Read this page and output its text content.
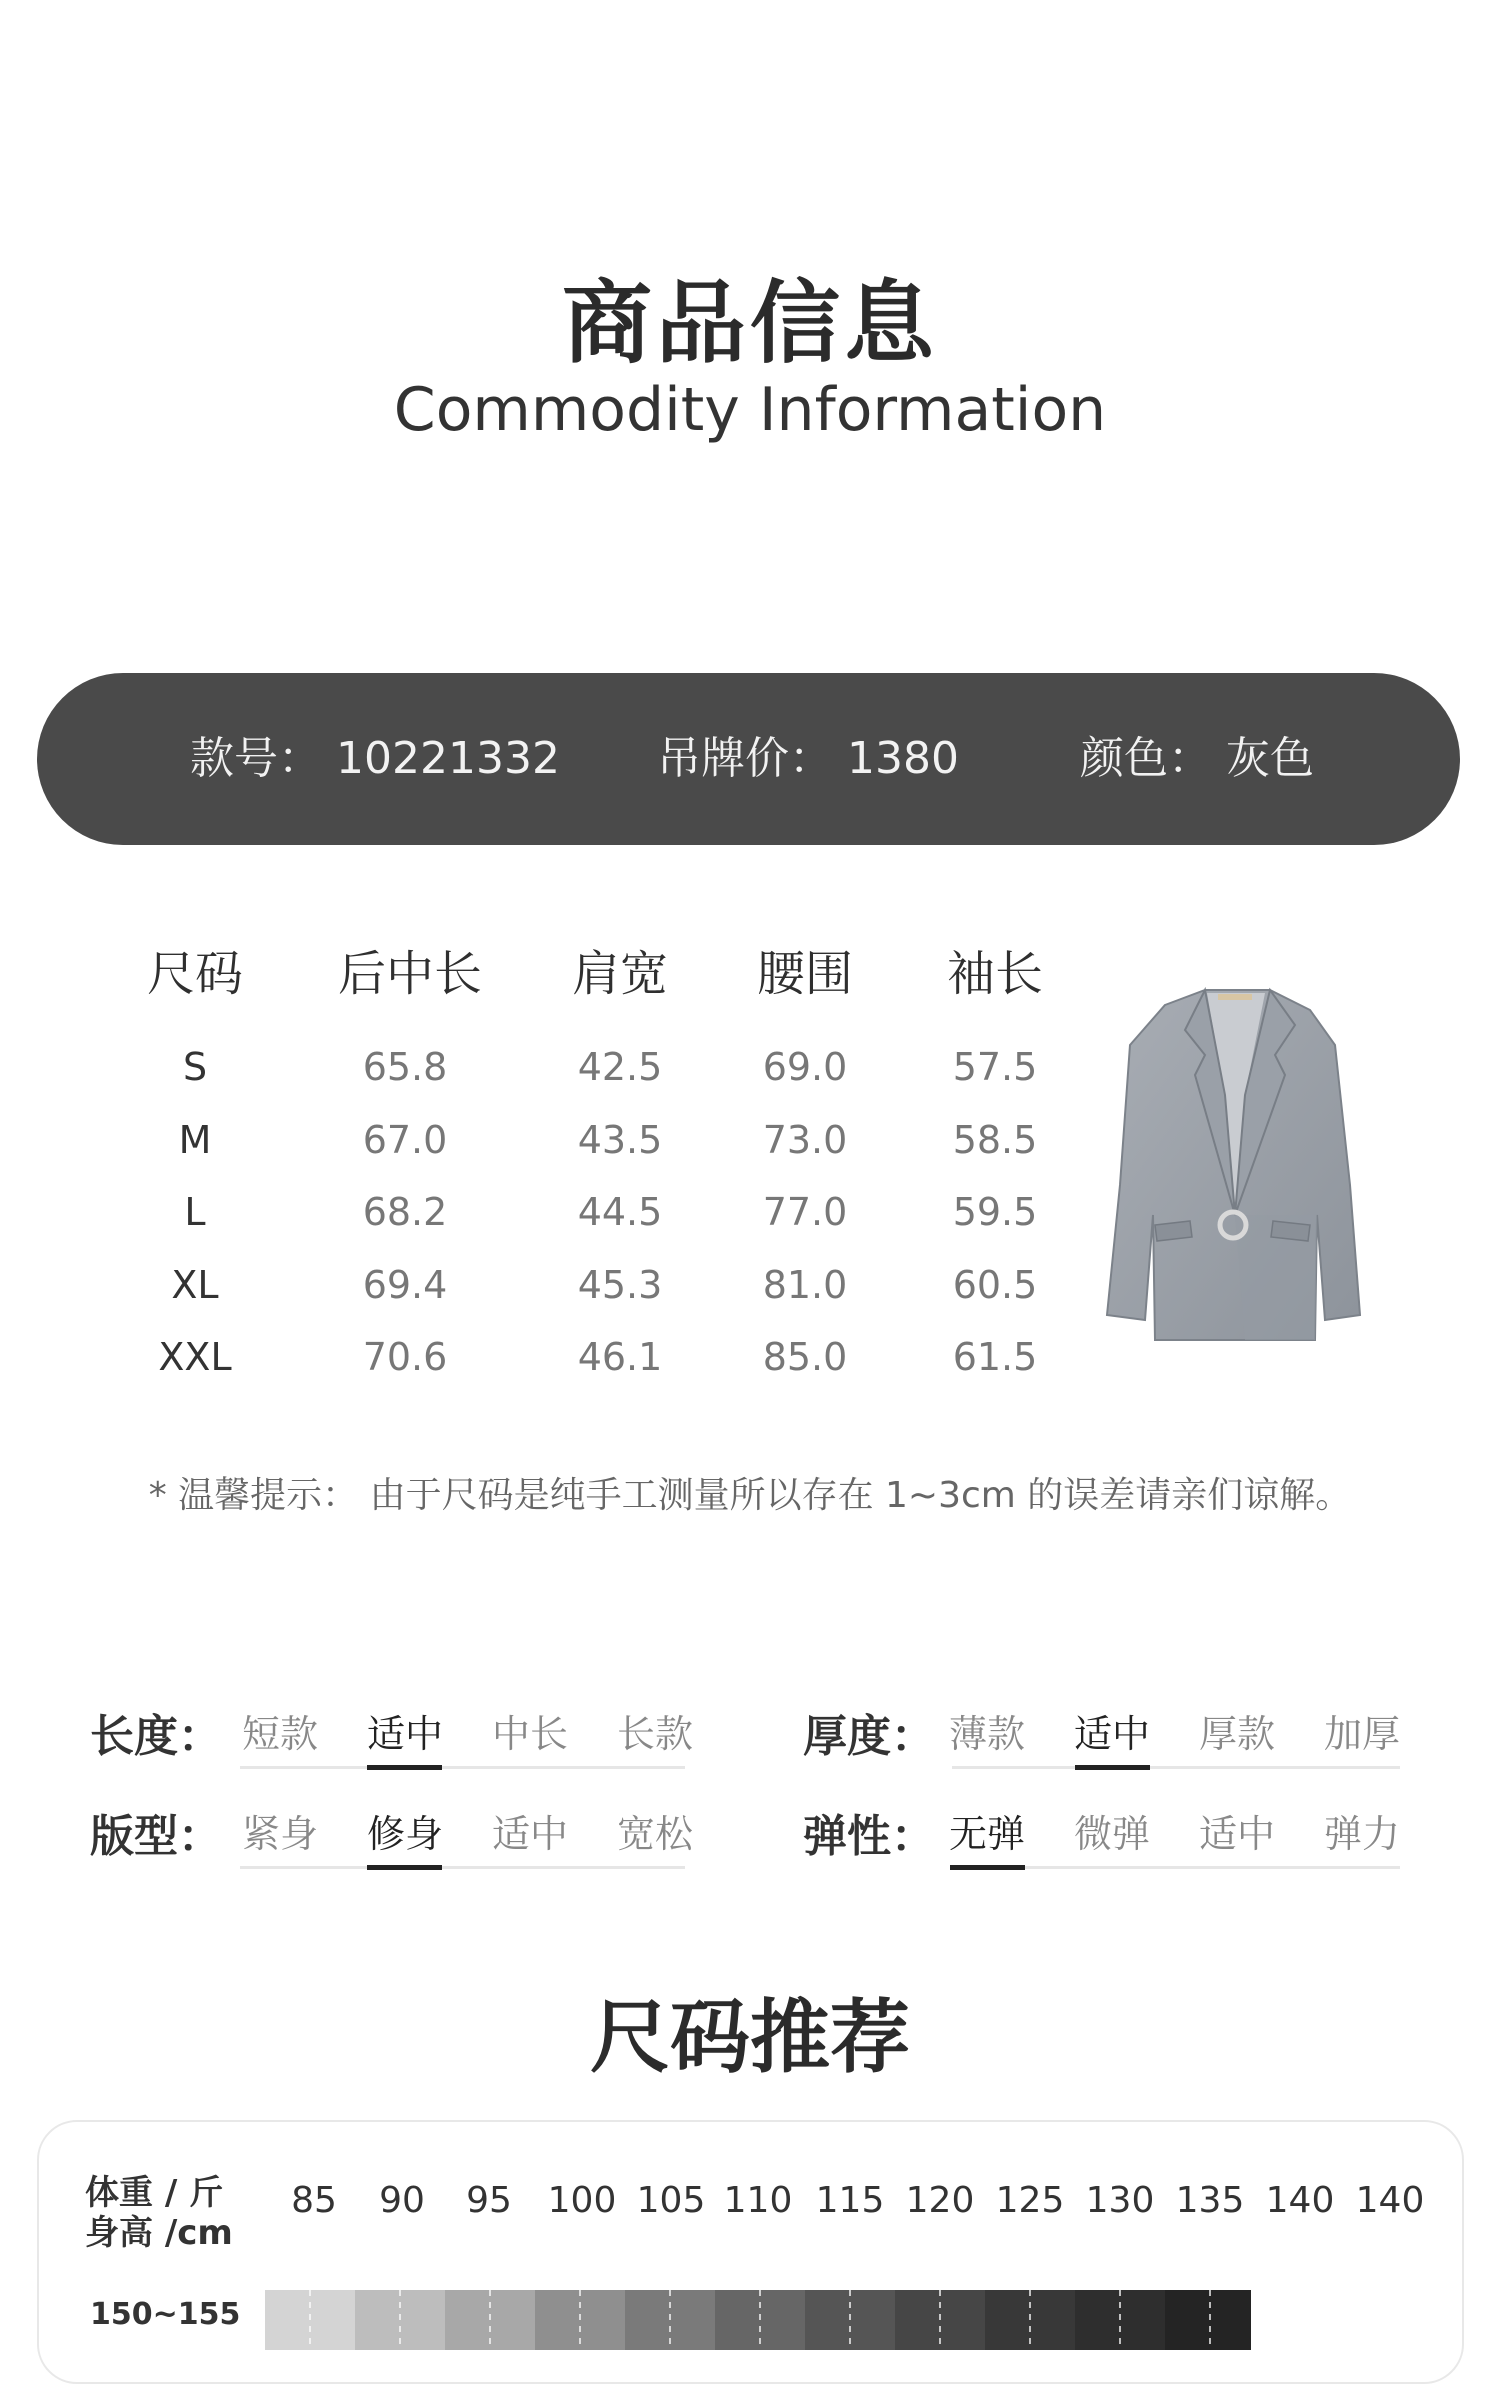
商品信息
Commodity Information
款号： 10221332 吊牌价： 1380	颜色： 灰色
尺码	后中长	肩宽	腰围	袖长
S	65.8	42.5	69.0	57.5
M	67.0	43.5	73.0	58.5
L	68.2	44.5	77.0	59.5
XL	69.4	45.3	81.0	60.5
XXL	70.6	46.1	85.0	61.5
* 温馨提示： 由于尺码是纯手工测量所以存在 1~3cm 的误差请亲们谅解。
长度： 短款	适中	中长	长款	厚度： 薄款	适中	厚款	加厚
版型： 紧身	修身	适中	宽松	弹性： 无弹	微弹	适中	弹力
尺码推荐
体重 / 斤
身高 /cm
85	90	95 100 105 110 115 120 125 130 135 140 140
150~155
